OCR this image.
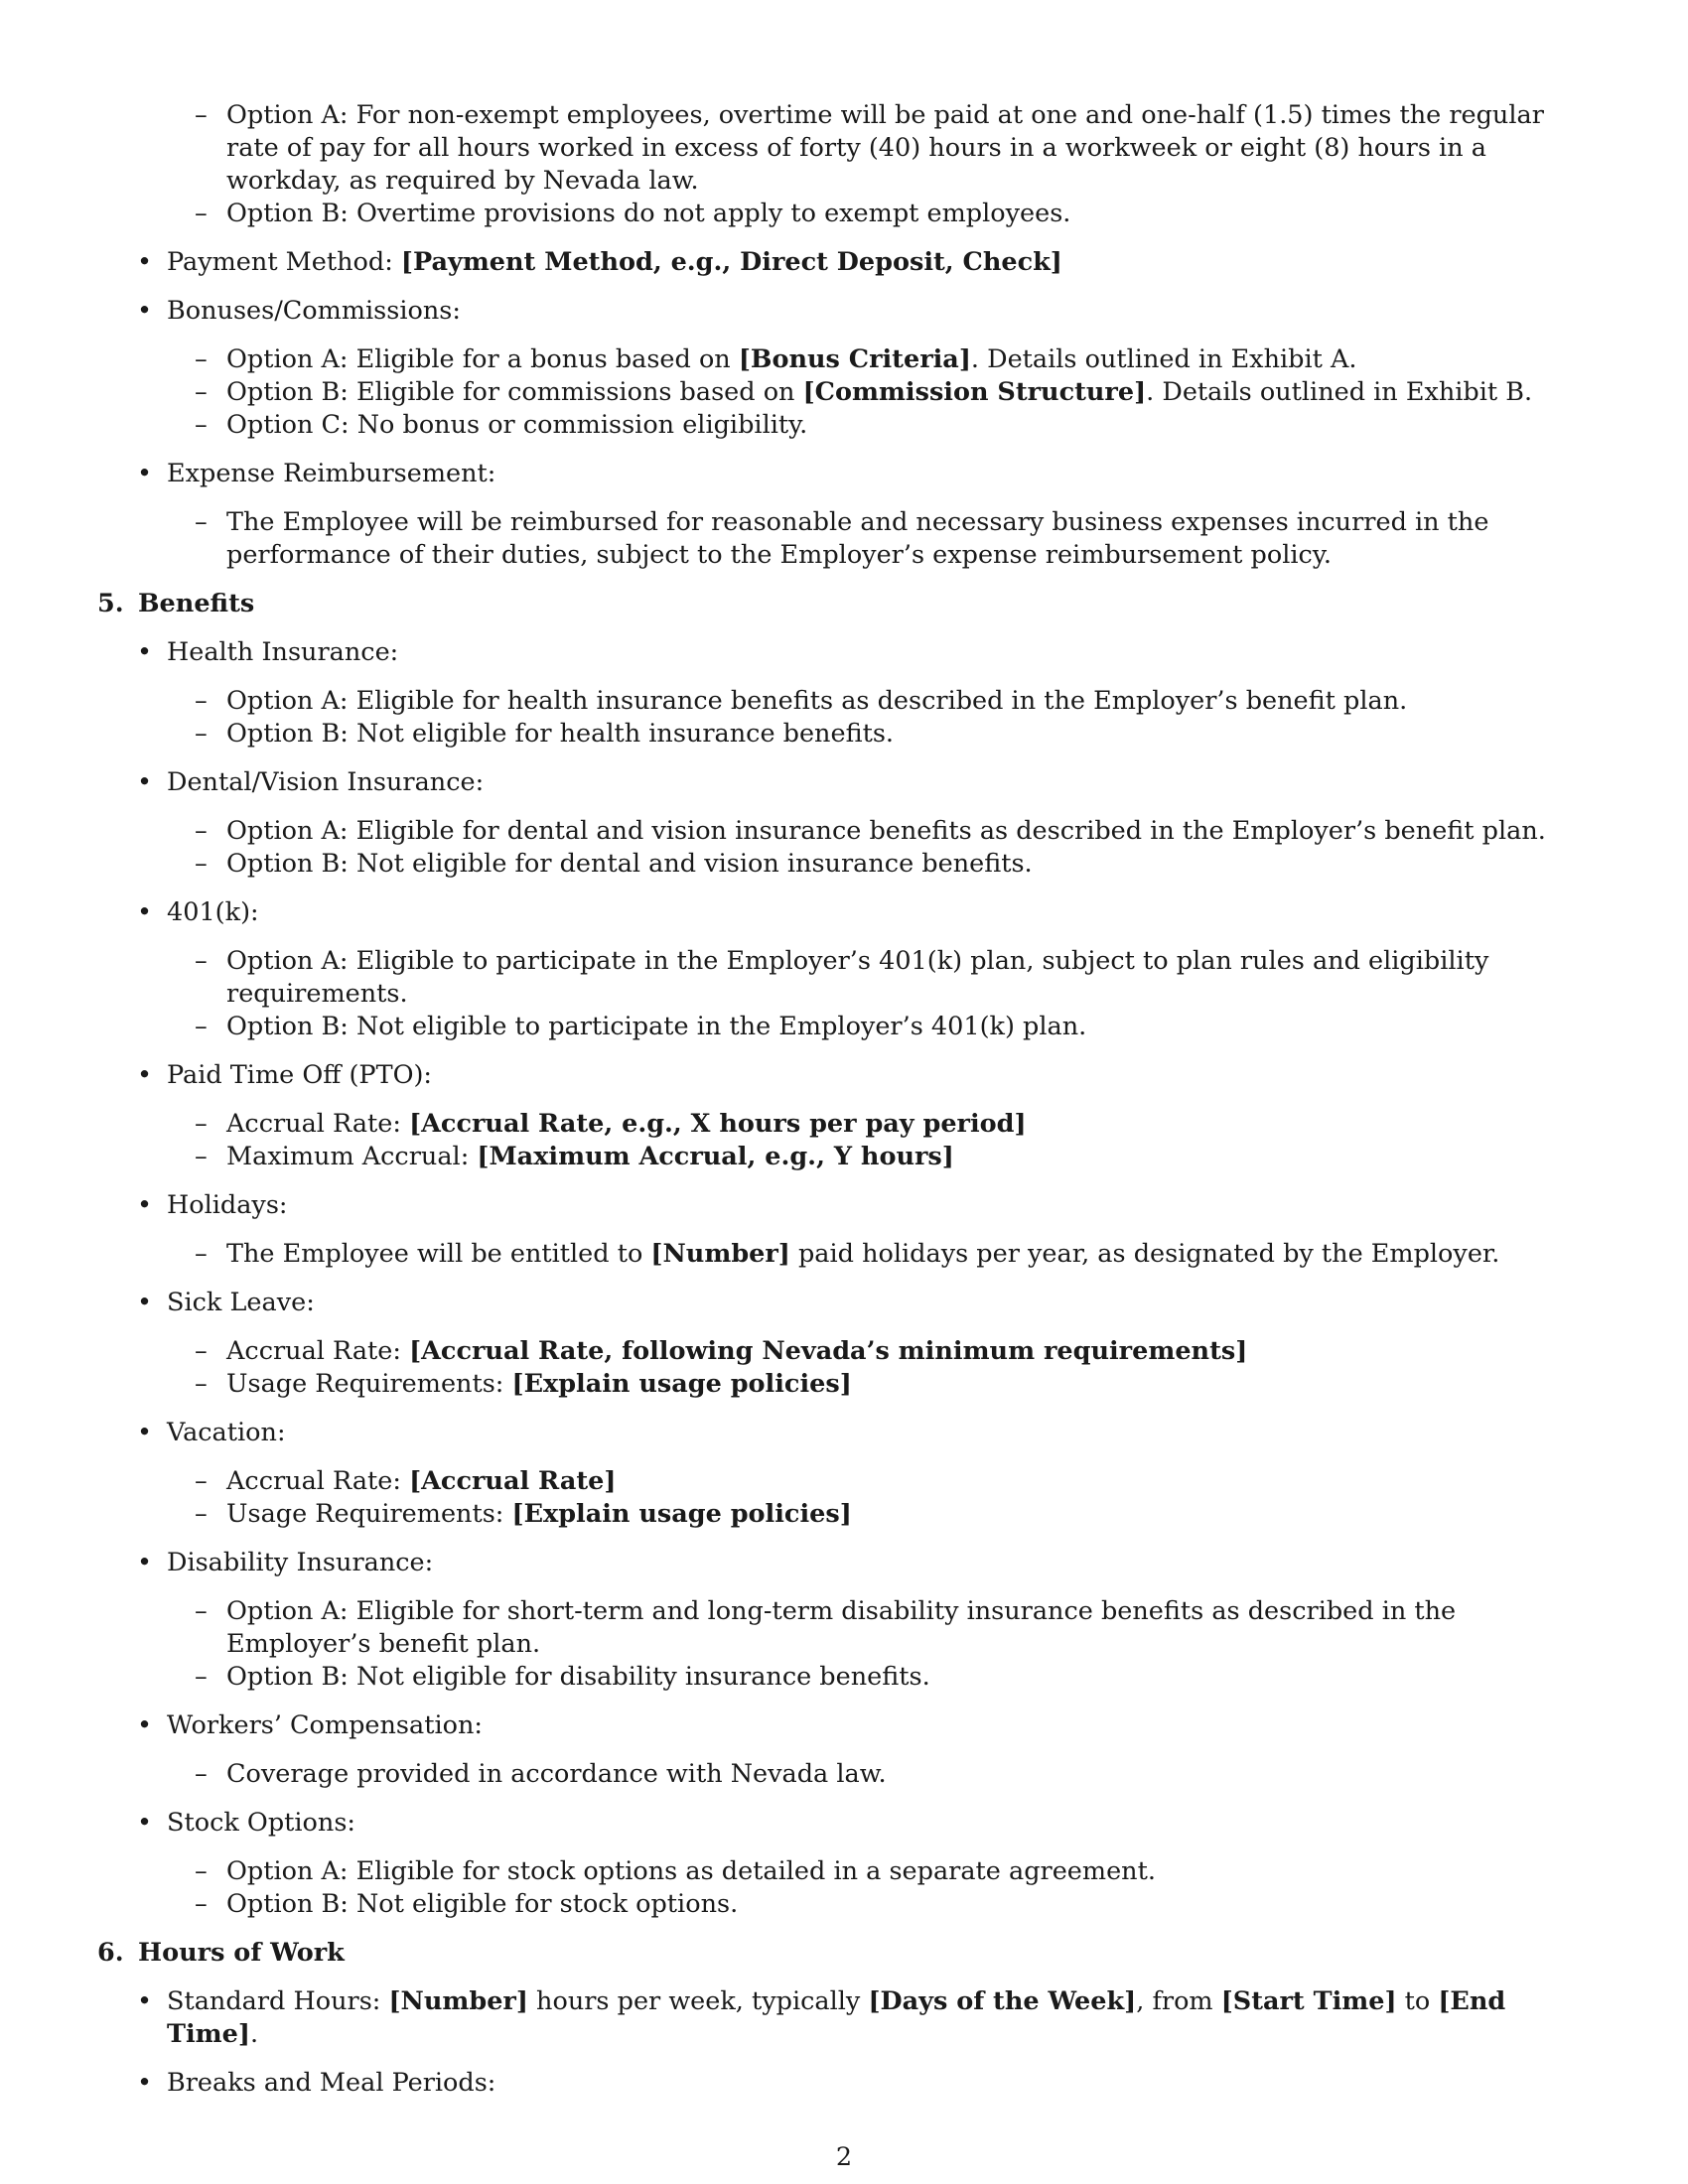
– Option A: For non-exempt employees, overtime will be paid at one and one-half (1.5) times the regular rate of pay for all hours worked in excess of forty (40) hours in a workweek or eight (8) hours in a workday, as required by Nevada law.
– Option B: Overtime provisions do not apply to exempt employees.
• Payment Method: [Payment Method, e.g., Direct Deposit, Check]
• Bonuses/Commissions:
– Option A: Eligible for a bonus based on [Bonus Criteria]. Details outlined in Exhibit A.
– Option B: Eligible for commissions based on [Commission Structure]. Details outlined in Exhibit B.
– Option C: No bonus or commission eligibility.
• Expense Reimbursement:
– The Employee will be reimbursed for reasonable and necessary business expenses incurred in the performance of their duties, subject to the Employer’s expense reimbursement policy.
5. Benefits
• Health Insurance:
– Option A: Eligible for health insurance benefits as described in the Employer’s benefit plan.
– Option B: Not eligible for health insurance benefits.
• Dental/Vision Insurance:
– Option A: Eligible for dental and vision insurance benefits as described in the Employer’s benefit plan.
– Option B: Not eligible for dental and vision insurance benefits.
• 401(k):
– Option A: Eligible to participate in the Employer’s 401(k) plan, subject to plan rules and eligibility requirements.
– Option B: Not eligible to participate in the Employer’s 401(k) plan.
• Paid Time Off (PTO):
– Accrual Rate: [Accrual Rate, e.g., X hours per pay period]
– Maximum Accrual: [Maximum Accrual, e.g., Y hours]
• Holidays:
– The Employee will be entitled to [Number] paid holidays per year, as designated by the Employer.
• Sick Leave:
– Accrual Rate: [Accrual Rate, following Nevada’s minimum requirements]
– Usage Requirements: [Explain usage policies]
• Vacation:
– Accrual Rate: [Accrual Rate]
– Usage Requirements: [Explain usage policies]
• Disability Insurance:
– Option A: Eligible for short-term and long-term disability insurance benefits as described in the Employer’s benefit plan.
– Option B: Not eligible for disability insurance benefits.
• Workers’ Compensation:
– Coverage provided in accordance with Nevada law.
• Stock Options:
– Option A: Eligible for stock options as detailed in a separate agreement.
– Option B: Not eligible for stock options.
6. Hours of Work
• Standard Hours: [Number] hours per week, typically [Days of the Week], from [Start Time] to [End Time].
• Breaks and Meal Periods:
2
